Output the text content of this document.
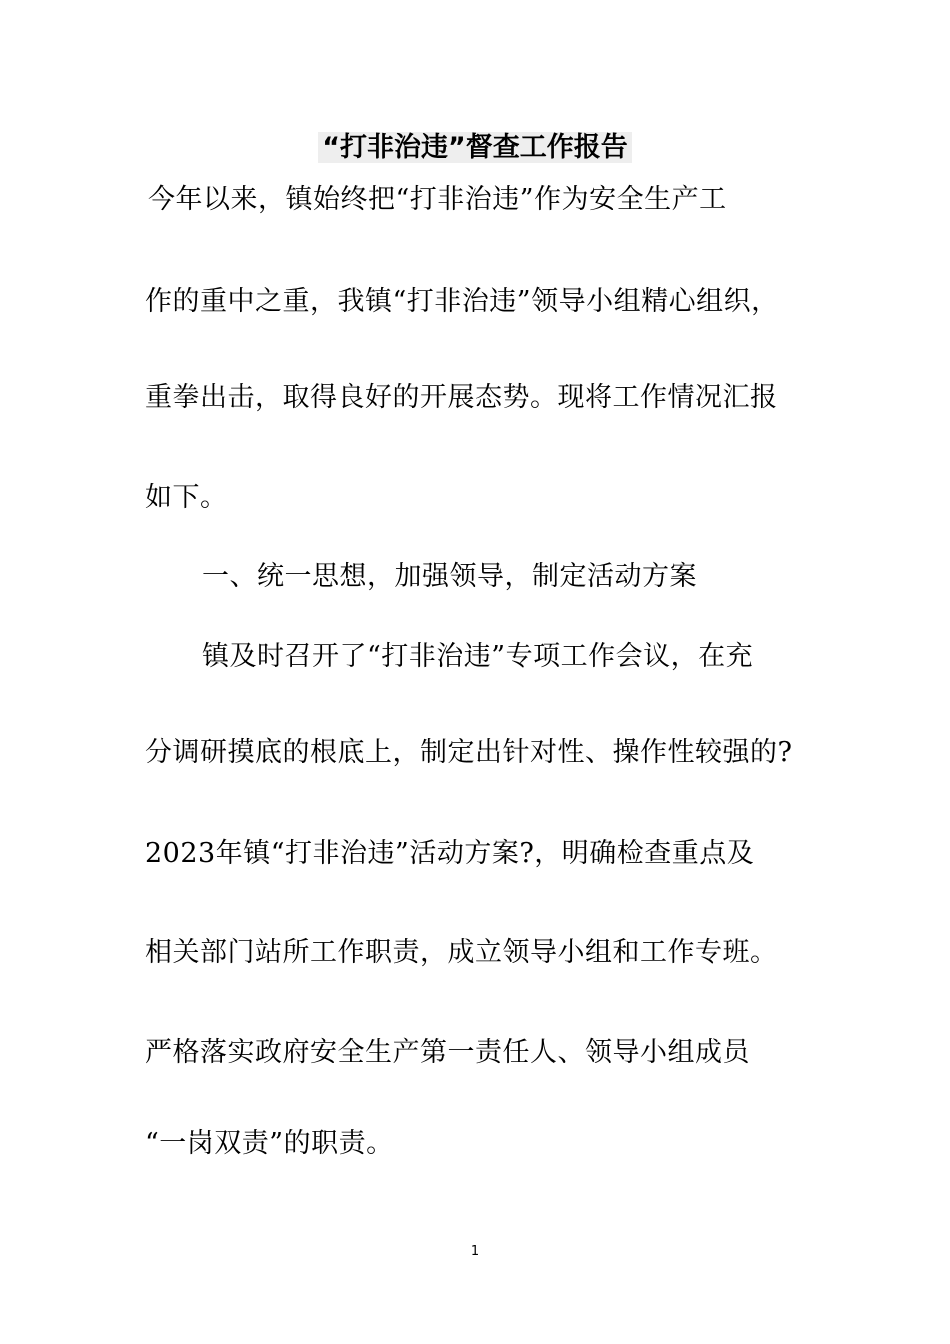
“打非治违”督查工作报告
今年以来，镇始终把“打非治违”作为安全生产工
作的重中之重，我镇“打非治违”领导小组精心组织，
重拳出击，取得良好的开展态势。现将工作情况汇报
如下。
一、统一思想，加强领导，制定活动方案
镇及时召开了“打非治违”专项工作会议，在充
分调研摸底的根底上，制定出针对性、操作性较强的?
2023年镇“打非治违”活动方案?，明确检查重点及
相关部门站所工作职责，成立领导小组和工作专班。
严格落实政府安全生产第一责任人、领导小组成员
“一岗双责”的职责。
1
